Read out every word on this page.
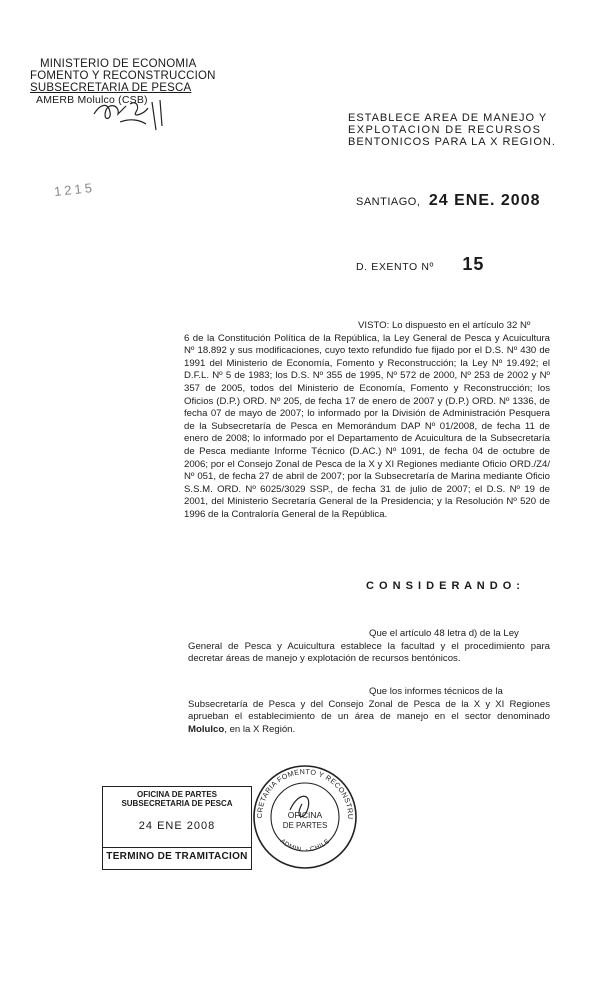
MINISTERIO DE ECONOMIA
FOMENTO Y RECONSTRUCCION
SUBSECRETARIA DE PESCA
AMERB Molulco (CSB)
1215
ESTABLECE AREA DE MANEJO Y
EXPLOTACION DE RECURSOS
BENTONICOS PARA LA X REGION.
SANTIAGO, 24 ENE. 2008
D. EXENTO Nº 15
VISTO: Lo dispuesto en el artículo 32 Nº
6 de la Constitución Política de la República, la Ley General de Pesca y Acuicultura Nº 18.892 y sus modificaciones, cuyo texto refundido fue fijado por el D.S. Nº 430 de 1991 del Ministerio de Economía, Fomento y Reconstrucción; la Ley Nº 19.492; el D.F.L. Nº 5 de 1983; los D.S. Nº 355 de 1995, Nº 572 de 2000, Nº 253 de 2002 y Nº 357 de 2005, todos del Ministerio de Economía, Fomento y Reconstrucción; los Oficios (D.P.) ORD. Nº 205, de fecha 17 de enero de 2007 y (D.P.) ORD. Nº 1336, de fecha 07 de mayo de 2007; lo informado por la División de Administración Pesquera de la Subsecretaría de Pesca en Memorándum DAP Nº 01/2008, de fecha 11 de enero de 2008; lo informado por el Departamento de Acuicultura de la Subsecretaría de Pesca mediante Informe Técnico (D.AC.) Nº 1091, de fecha 04 de octubre de 2006; por el Consejo Zonal de Pesca de la X y XI Regiones mediante Oficio ORD./Z4/ Nº 051, de fecha 27 de abril de 2007; por la Subsecretaría de Marina mediante Oficio S.S.M. ORD. Nº 6025/3029 SSP., de fecha 31 de julio de 2007; el D.S. Nº 19 de 2001, del Ministerio Secretaría General de la Presidencia; y la Resolución Nº 520 de 1996 de la Contraloría General de la República.
C O N S I D E R A N D O :
Que el artículo 48 letra d) de la Ley
General de Pesca y Acuicultura establece la facultad y el procedimiento para decretar áreas de manejo y explotación de recursos bentónicos.
Que los informes técnicos de la
Subsecretaría de Pesca y del Consejo Zonal de Pesca de la X y XI Regiones aprueban el establecimiento de un área de manejo en el sector denominado Molulco, en la X Región.
OFICINA DE PARTES
SUBSECRETARIA DE PESCA
24 ENE 2008
TERMINO DE TRAMITACION
CRETARIA FOMENTO Y RECONSTRU
ADMIN. - CHILE
OFICINA
DE PARTES
